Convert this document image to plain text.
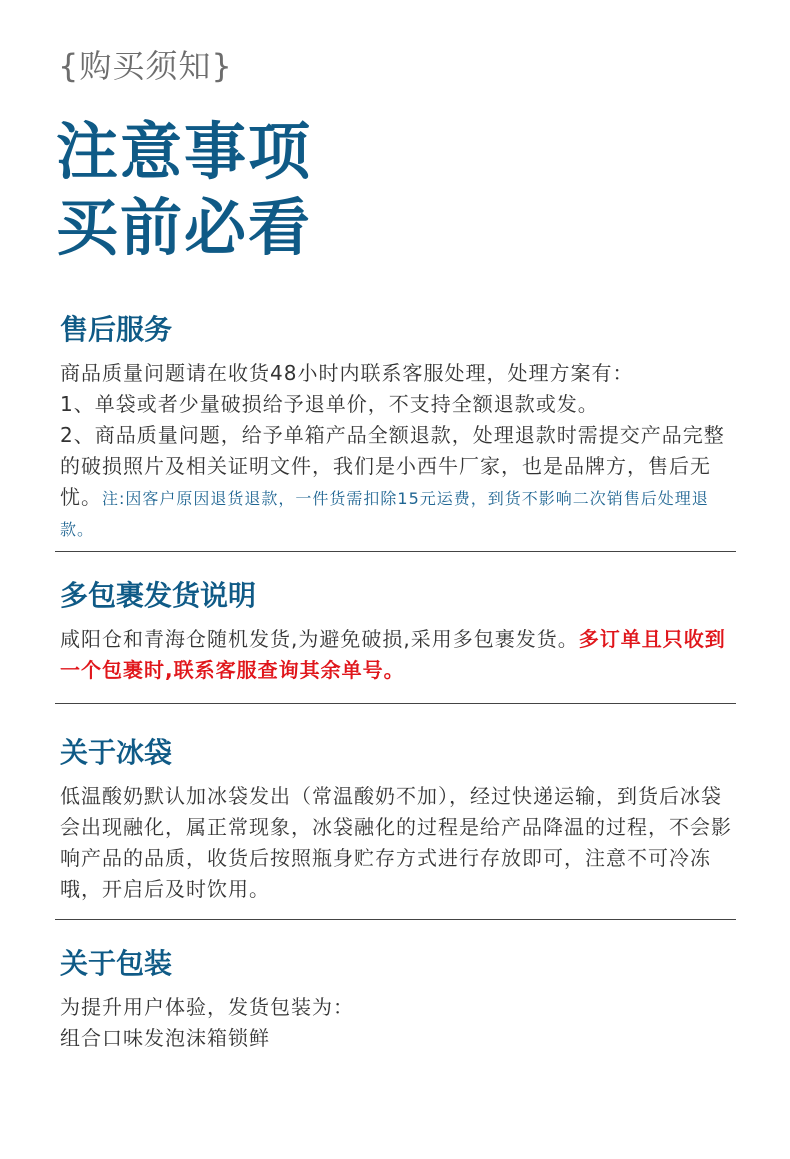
{购买须知}
注意事项
买前必看
售后服务

商品质量问题请在收货48小时内联系客服处理，处理方案有：

1、单袋或者少量破损给予退单价，不支持全额退款或发。

2、商品质量问题，给予单箱产品全额退款，处理退款时需提交产品完整的破损照片及相关证明文件，我们是小西牛厂家，也是品牌方，售后无忧。注:因客户原因退货退款，一件货需扣除15元运费，到货不影响二次销售后处理退款。

多包裹发货说明

咸阳仓和青海仓随机发货,为避免破损,采用多包裹发货。多订单且只收到一个包裹时,联系客服查询其余单号。

关于冰袋

低温酸奶默认加冰袋发出（常温酸奶不加），经过快递运输，到货后冰袋会出现融化，属正常现象，冰袋融化的过程是给产品降温的过程，不会影响产品的品质，收货后按照瓶身贮存方式进行存放即可，注意不可冷冻哦，开启后及时饮用。

关于包装

为提升用户体验，发货包装为：

组合口味发泡沫箱锁鲜
